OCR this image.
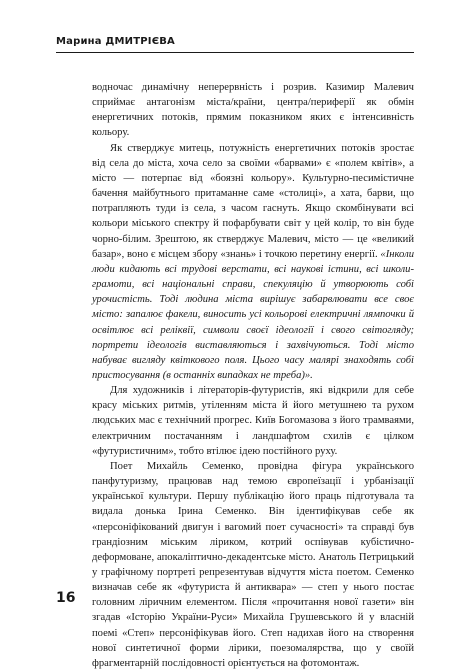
Марина ДМИТРІЄВА

водночас динамічну неперервність і розрив. Казимир Малевич сприймає антагонізм міста/країни, центра/периферії як обмін енергетичних потоків, прямим показником яких є інтенсивність кольору.

Як стверджує митець, потужність енергетичних потоків зростає від села до міста, хоча село за своїми «барвами» є «полем квітів», а місто — потерпає від «боязні кольору». Культурно-песимістичне бачення майбутнього притаманне саме «столиці», а хата, барви, що потрапляють туди із села, з часом гаснуть. Якщо скомбінувати всі кольори міського спектру й пофарбувати світ у цей колір, то він буде чорно-білим. Зрештою, як стверджує Малевич, місто — це «великий базар», воно є місцем збору «знань» і точкою перетину енергії. «Інколи люди кидають всі трудові верстати, всі наукові істини, всі школи-грамоти, всі національні справи, спекуляцію й утворюють собі урочистість. Тоді людина міста вирішує забарвлювати все своє місто: запалює факели, виносить усі кольорові електричні лямпочки й освітлює всі реліквії, символи своєї ідеології і свого світогляду; портрети ідеологів виставляються і захвічуються. Тоді місто набуває вигляду квіткового поля. Цього часу малярі знаходять собі пристосування (в останніх випадках не треба)».

Для художників і літераторів-футуристів, які відкрили для себе красу міських ритмів, утіленням міста й його метушнею та рухом людських мас є технічний прогрес. Київ Богомазова з його трамваями, електричним постачанням і ландшафтом схилів є цілком «футуристичним», тобто втілює ідею постійного руху.

Поет Михайль Семенко, провідна фігура українського панфутуризму, працював над темою європеїзації і урбанізації української культури. Першу публікацію його праць підготувала та видала донька Ірина Семенко. Він ідентифікував себе як «персоніфікований двигун і вагомий поет сучасності» та справді був грандіозним міським ліриком, котрий оспівував кубістично-деформоване, апокаліптично-декадентське місто. Анатоль Петрицький у графічному портреті репрезентував відчуття міста поетом. Семенко визначав себе як «футуриста й антиквара» — степ у нього постає головним ліричним елементом. Після «прочитання нової газети» він згадав «Історію України-Руси» Михайла Грушевського й у власній поемі «Степ» персоніфікував його. Степ надихав його на створення нової синтетичної форми лірики, поезомалярства, що у своїй фрагментарній послідовності орієнтується на фотомонтаж.

16
